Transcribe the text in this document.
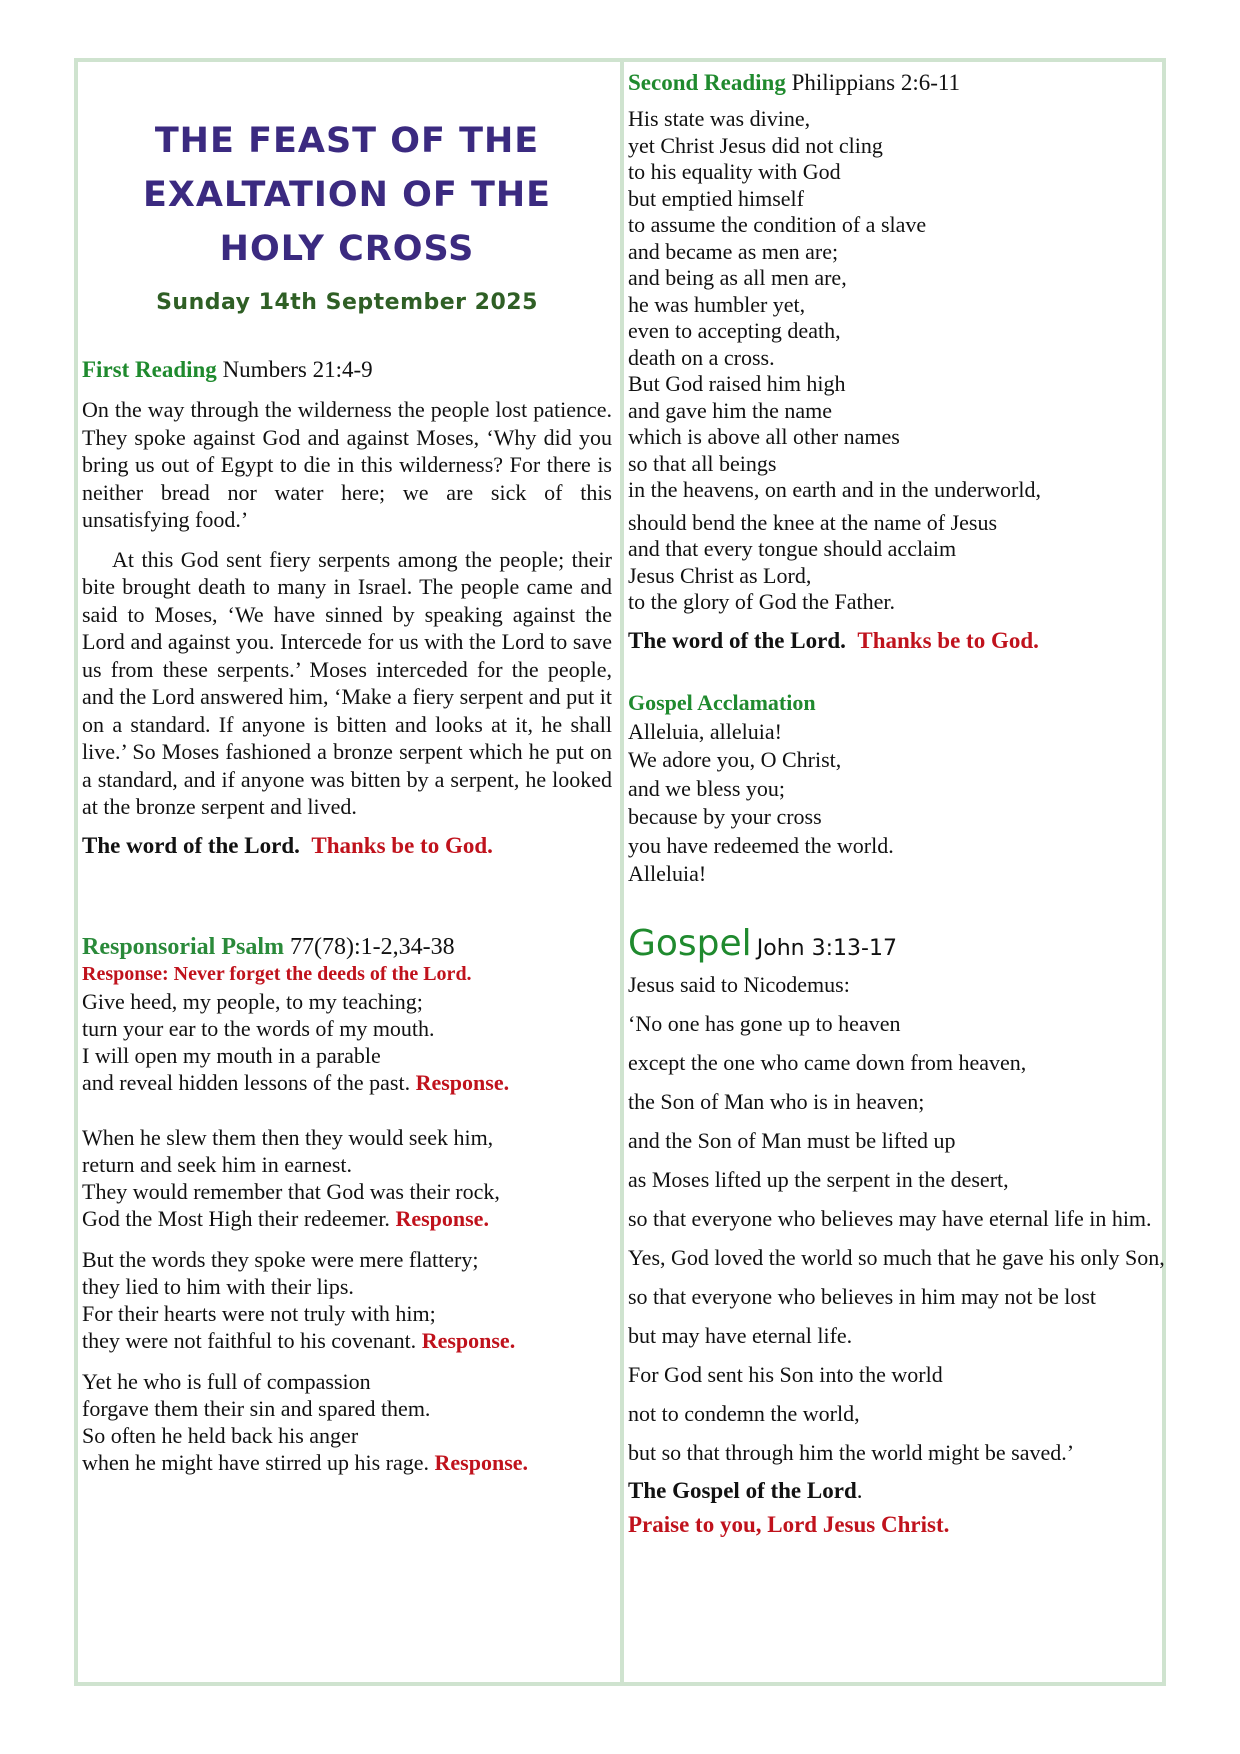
THE FEAST OF THE
EXALTATION OF THE
HOLY CROSS
Sunday 14th September 2025

First Reading Numbers 21:4-9

On the way through the wilderness the people lost patience. They spoke against God and against Moses, ‘Why did you bring us out of Egypt to die in this wilderness? For there is neither bread nor water here; we are sick of this unsatisfying food.’

At this God sent fiery serpents among the people; their bite brought death to many in Israel. The people came and said to Moses, ‘We have sinned by speaking against the Lord and against you. Intercede for us with the Lord to save us from these serpents.’ Moses interceded for the people, and the Lord answered him, ‘Make a fiery serpent and put it on a standard. If anyone is bitten and looks at it, he shall live.’ So Moses fashioned a bronze serpent which he put on a standard, and if anyone was bitten by a serpent, he looked at the bronze serpent and lived.

The word of the Lord. Thanks be to God.

Responsorial Psalm 77(78):1-2,34-38

Response: Never forget the deeds of the Lord.

Give heed, my people, to my teaching;
turn your ear to the words of my mouth.
I will open my mouth in a parable
and reveal hidden lessons of the past. Response.
When he slew them then they would seek him,
return and seek him in earnest.
They would remember that God was their rock,
God the Most High their redeemer. Response.
But the words they spoke were mere flattery;
they lied to him with their lips.
For their hearts were not truly with him;
they were not faithful to his covenant. Response.
Yet he who is full of compassion
forgave them their sin and spared them.
So often he held back his anger
when he might have stirred up his rage. Response.

Second Reading Philippians 2:6-11

His state was divine,
yet Christ Jesus did not cling
to his equality with God
but emptied himself
to assume the condition of a slave
and became as men are;
and being as all men are,
he was humbler yet,
even to accepting death,
death on a cross.
But God raised him high
and gave him the name
which is above all other names
so that all beings
in the heavens, on earth and in the underworld,
should bend the knee at the name of Jesus
and that every tongue should acclaim
Jesus Christ as Lord,
to the glory of God the Father.

The word of the Lord. Thanks be to God.

Gospel Acclamation

Alleluia, alleluia!
We adore you, O Christ,
and we bless you;
because by your cross
you have redeemed the world.
Alleluia!

Gospel John 3:13-17

Jesus said to Nicodemus:

‘No one has gone up to heaven

except the one who came down from heaven,

the Son of Man who is in heaven;

and the Son of Man must be lifted up

as Moses lifted up the serpent in the desert,

so that everyone who believes may have eternal life in him.

Yes, God loved the world so much that he gave his only Son,

so that everyone who believes in him may not be lost

but may have eternal life.

For God sent his Son into the world

not to condemn the world,

but so that through him the world might be saved.’

The Gospel of the Lord.

Praise to you, Lord Jesus Christ.
